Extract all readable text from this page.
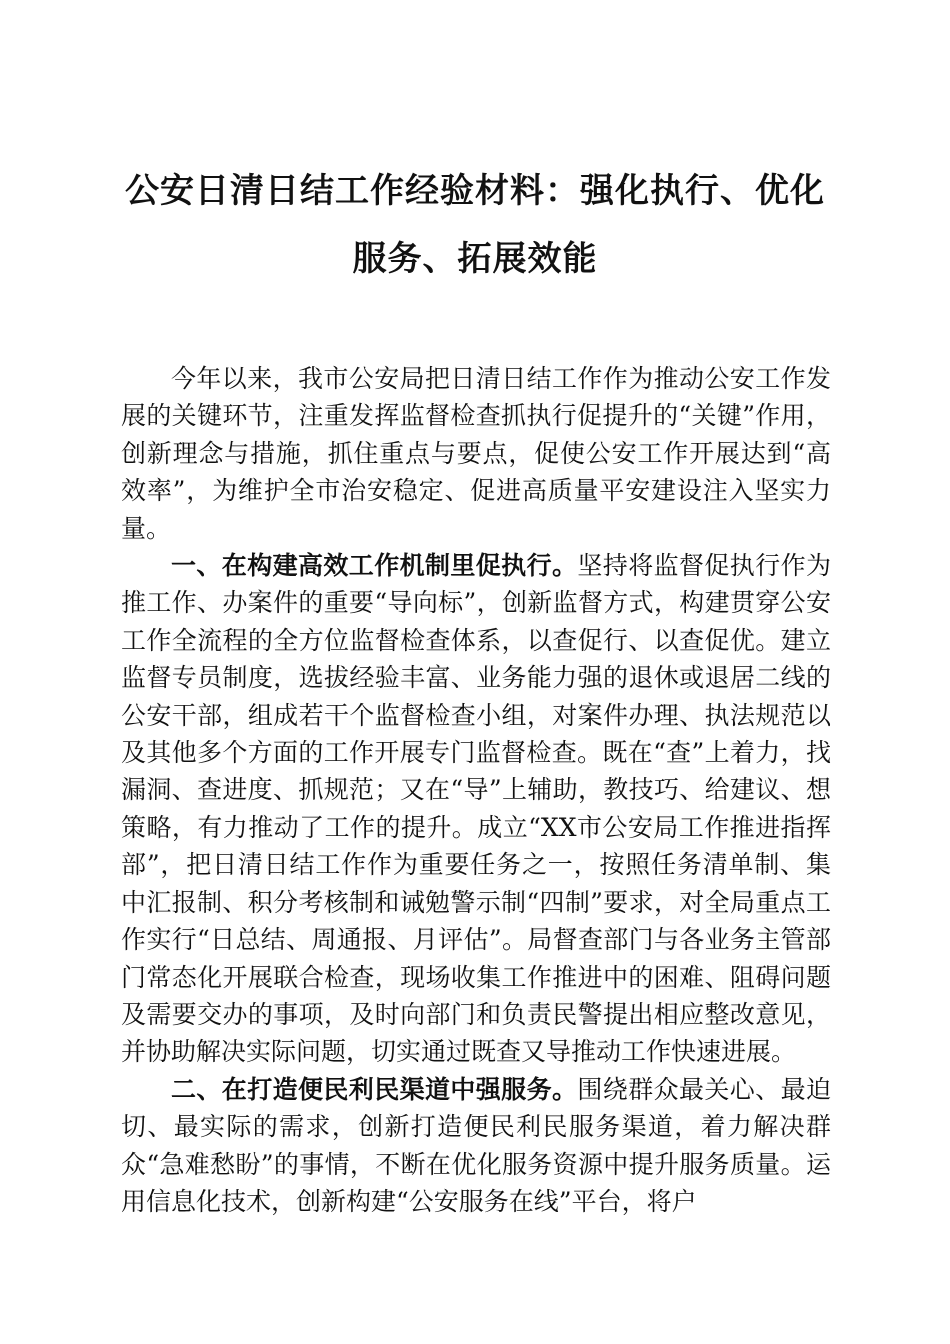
公安日清日结工作经验材料：强化执行、优化
服务、拓展效能

今年以来，我市公安局把日清日结工作作为推动公安工作发展的关键环节，注重发挥监督检查抓执行促提升的“关键”作用，创新理念与措施，抓住重点与要点，促使公安工作开展达到“高效率”，为维护全市治安稳定、促进高质量平安建设注入坚实力量。

一、在构建高效工作机制里促执行。坚持将监督促执行作为推工作、办案件的重要“导向标”，创新监督方式，构建贯穿公安工作全流程的全方位监督检查体系，以查促行、以查促优。建立监督专员制度，选拔经验丰富、业务能力强的退休或退居二线的公安干部，组成若干个监督检查小组，对案件办理、执法规范以及其他多个方面的工作开展专门监督检查。既在“查”上着力，找漏洞、查进度、抓规范；又在“导”上辅助，教技巧、给建议、想策略，有力推动了工作的提升。成立“XX市公安局工作推进指挥部”，把日清日结工作作为重要任务之一，按照任务清单制、集中汇报制、积分考核制和诫勉警示制“四制”要求，对全局重点工作实行“日总结、周通报、月评估”。局督查部门与各业务主管部门常态化开展联合检查，现场收集工作推进中的困难、阻碍问题及需要交办的事项，及时向部门和负责民警提出相应整改意见，并协助解决实际问题，切实通过既查又导推动工作快速进展。

二、在打造便民利民渠道中强服务。围绕群众最关心、最迫切、最实际的需求，创新打造便民利民服务渠道，着力解决群众“急难愁盼”的事情，不断在优化服务资源中提升服务质量。运用信息化技术，创新构建“公安服务在线”平台，将户
